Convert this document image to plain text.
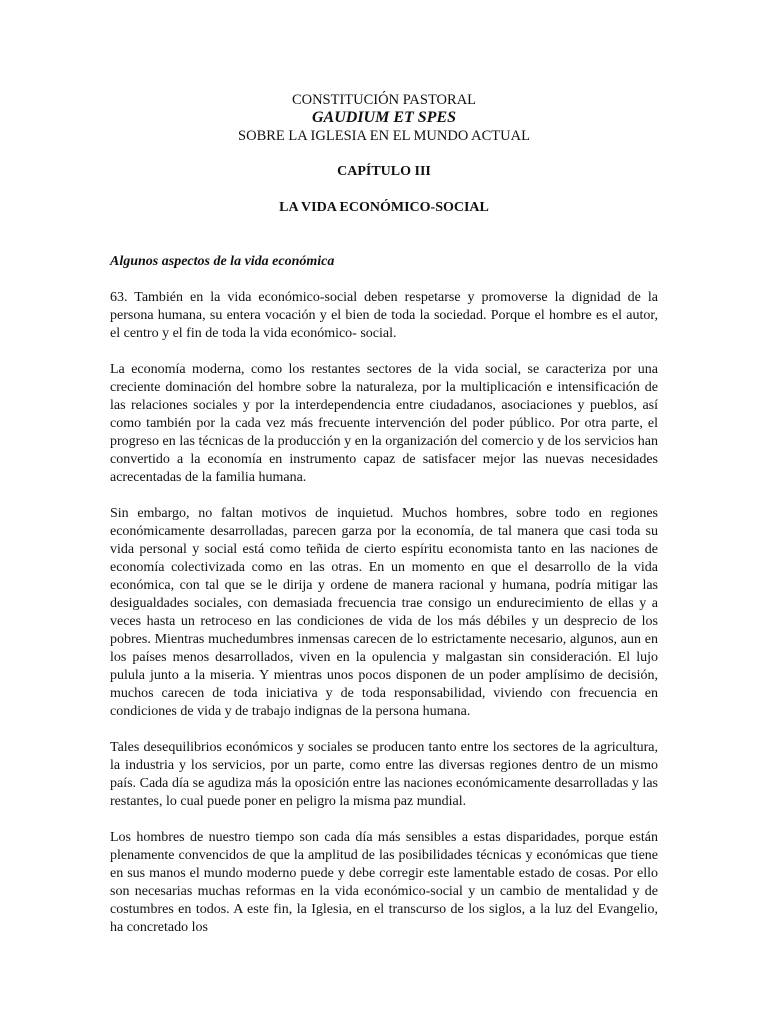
CONSTITUCIÓN PASTORAL

GAUDIUM ET SPES

SOBRE LA IGLESIA EN EL MUNDO ACTUAL

CAPÍTULO III

LA VIDA ECONÓMICO-SOCIAL

Algunos aspectos de la vida económica

63. También en la vida económico-social deben respetarse y promoverse la dignidad de la persona humana, su entera vocación y el bien de toda la sociedad. Porque el hombre es el autor, el centro y el fin de toda la vida económico- social.

La economía moderna, como los restantes sectores de la vida social, se caracteriza por una creciente dominación del hombre sobre la naturaleza, por la multiplicación e intensificación de las relaciones sociales y por la interdependencia entre ciudadanos, asociaciones y pueblos, así como también por la cada vez más frecuente intervención del poder público. Por otra parte, el progreso en las técnicas de la producción y en la organización del comercio y de los servicios han convertido a la economía en instrumento capaz de satisfacer mejor las nuevas necesidades acrecentadas de la familia humana.

Sin embargo, no faltan motivos de inquietud. Muchos hombres, sobre todo en regiones económicamente desarrolladas, parecen garza por la economía, de tal manera que casi toda su vida personal y social está como teñida de cierto espíritu economista tanto en las naciones de economía colectivizada como en las otras. En un momento en que el desarrollo de la vida económica, con tal que se le dirija y ordene de manera racional y humana, podría mitigar las desigualdades sociales, con demasiada frecuencia trae consigo un endurecimiento de ellas y a veces hasta un retroceso en las condiciones de vida de los más débiles y un desprecio de los pobres. Mientras muchedumbres inmensas carecen de lo estrictamente necesario, algunos, aun en los países menos desarrollados, viven en la opulencia y malgastan sin consideración. El lujo pulula junto a la miseria. Y mientras unos pocos disponen de un poder amplísimo de decisión, muchos carecen de toda iniciativa y de toda responsabilidad, viviendo con frecuencia en condiciones de vida y de trabajo indignas de la persona humana.

Tales desequilibrios económicos y sociales se producen tanto entre los sectores de la agricultura, la industria y los servicios, por un parte, como entre las diversas regiones dentro de un mismo país. Cada día se agudiza más la oposición entre las naciones económicamente desarrolladas y las restantes, lo cual puede poner en peligro la misma paz mundial.

Los hombres de nuestro tiempo son cada día más sensibles a estas disparidades, porque están plenamente convencidos de que la amplitud de las posibilidades técnicas y económicas que tiene en sus manos el mundo moderno puede y debe corregir este lamentable estado de cosas. Por ello son necesarias muchas reformas en la vida económico-social y un cambio de mentalidad y de costumbres en todos. A este fin, la Iglesia, en el transcurso de los siglos, a la luz del Evangelio, ha concretado los
